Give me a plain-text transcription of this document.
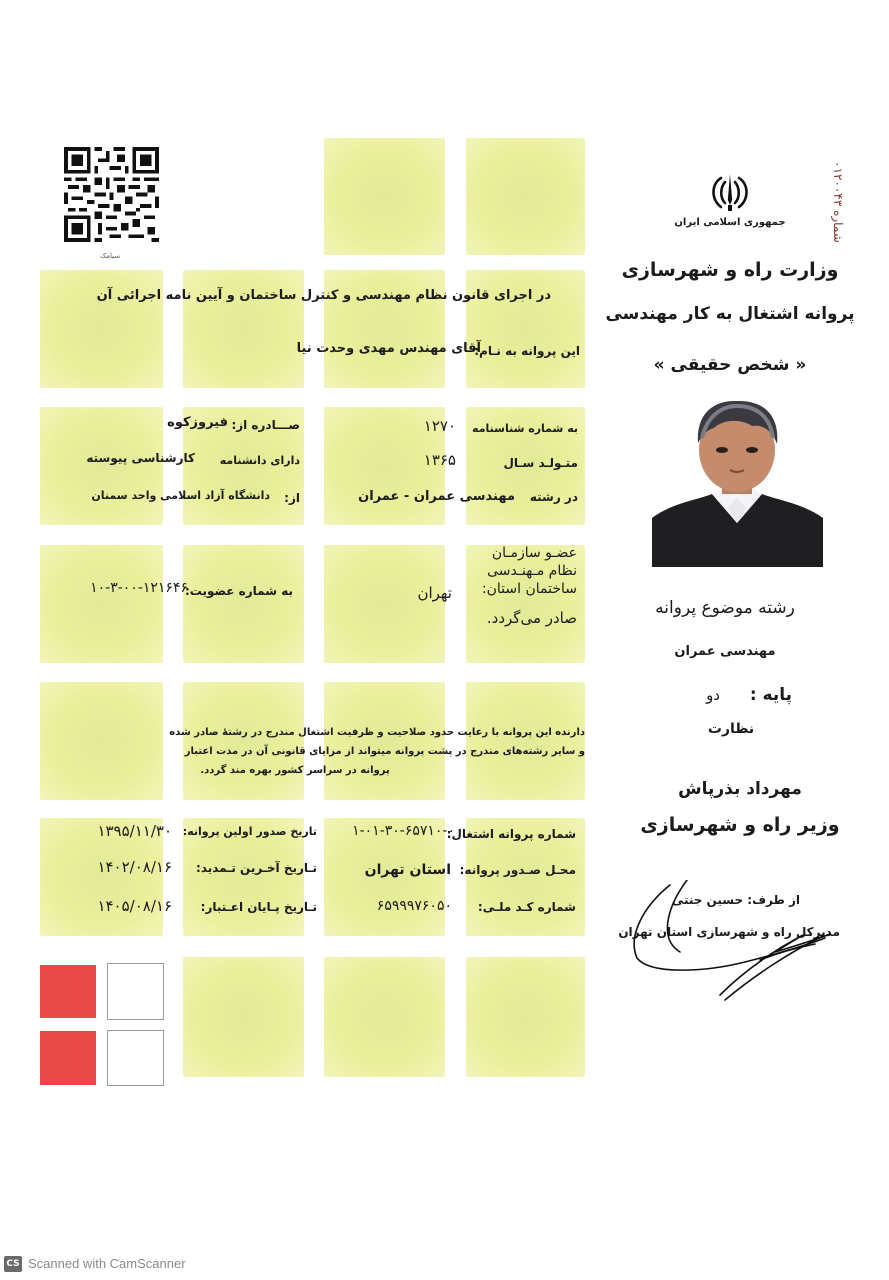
سیامک
شماره ۰۱۲۰۰۴۳
جمهوری اسلامی ایران
وزارت راه و شهرسازی
پروانه اشتغال به کار مهندسی
« شخص حقیقی »
در اجرای قانون نظام مهندسی و کنترل ساختمان و آیین نامه اجرائی آن
این پروانه به نـام:
آقای مهندس مهدی وحدت نیا
به شماره شناسنامه
۱۲۷۰
صـــادره از:
فیروزکوه
متـولـد سـال
۱۳۶۵
دارای دانشنامه
کارشناسی پیوسته
در رشته
مهندسی عمران - عمران
از:
دانشگاه آزاد اسلامی واحد سمنان
عضـو سازمـان
نظام مـهنـدسی
ساختمان استان:
تهران
صادر می‌گردد.
به شماره عضویت:
۱۰-۳-۰۰-۱۲۱۶۴۶
دارنده این پروانه با رعایت حدود صلاحیت و ظرفیت اشتغال مندرج در رشتهٔ صادر شده
و سایر رشته‌های مندرج در پشت پروانه میتواند از مزایای قانونی آن در مدت اعتبار
پروانه در سراسر کشور بهره مند گردد.
شماره پروانه اشتغال:
۱-۰۱-۳۰-۶۵۷۱۰-۰
محـل صـدور پروانه:
استان تهران
شماره کـد ملـی:
۶۵۹۹۹۷۶۰۵۰
تاریخ صدور اولین پروانه:
۱۳۹۵/۱۱/۳۰
تـاریخ آخـرین تـمدید:
۱۴۰۲/۰۸/۱۶
تـاریخ پـایان اعـتبار:
۱۴۰۵/۰۸/۱۶
رشته موضوع پروانه
مهندسی عمران
پایه :
دو
نظارت
مهرداد بذرپاش
وزیر راه و شهرسازی
از طرف: حسین جنتی
مدیرکل راه و شهرسازی استان تهران
CS Scanned with CamScanner
